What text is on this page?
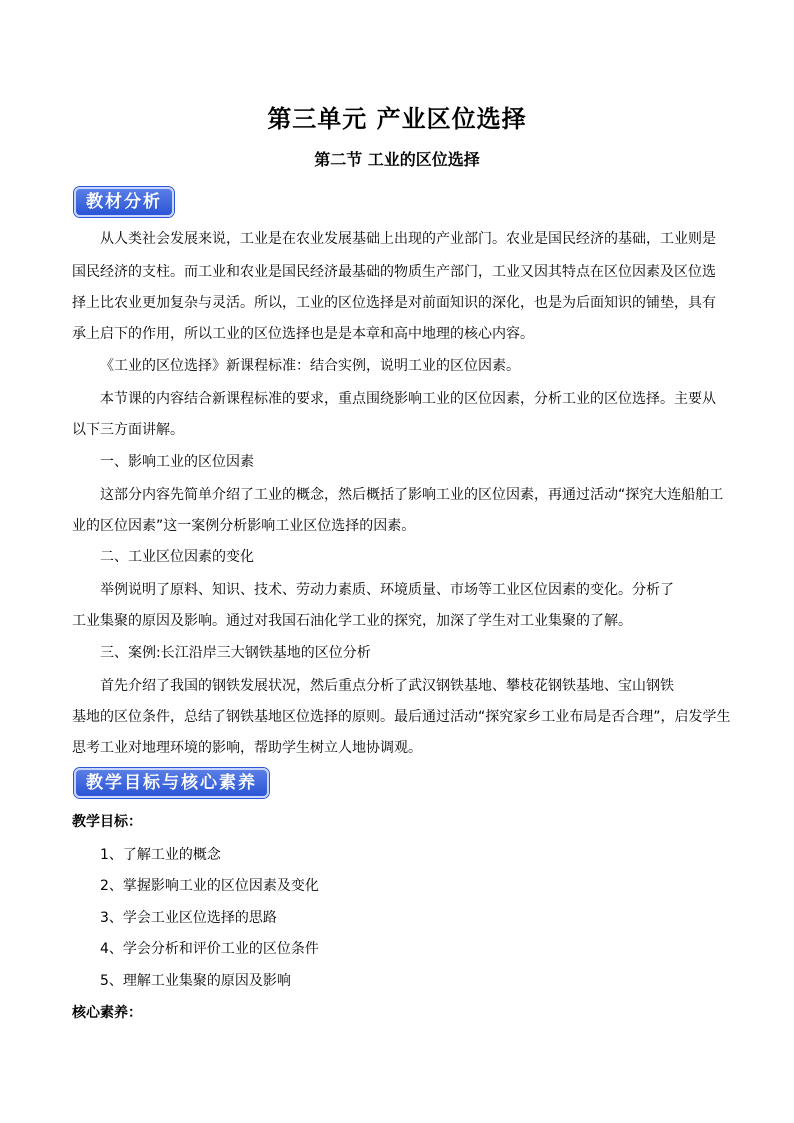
第三单元 产业区位选择
第二节 工业的区位选择
教材分析
从人类社会发展来说，工业是在农业发展基础上出现的产业部门。农业是国民经济的基础，工业则是
国民经济的支柱。而工业和农业是国民经济最基础的物质生产部门，工业又因其特点在区位因素及区位选
择上比农业更加复杂与灵活。所以，工业的区位选择是对前面知识的深化，也是为后面知识的铺垫，具有
承上启下的作用，所以工业的区位选择也是是本章和高中地理的核心内容。
《工业的区位选择》新课程标准：结合实例，说明工业的区位因素。
本节课的内容结合新课程标准的要求，重点围绕影响工业的区位因素，分析工业的区位选择。主要从
以下三方面讲解。
一、影响工业的区位因素
这部分内容先简单介绍了工业的概念，然后概括了影响工业的区位因素，再通过活动“探究大连船舶工
业的区位因素”这一案例分析影响工业区位选择的因素。
二、工业区位因素的变化
举例说明了原料、知识、技术、劳动力素质、环境质量、市场等工业区位因素的变化。分析了
工业集聚的原因及影响。通过对我国石油化学工业的探究，加深了学生对工业集聚的了解。
三、案例:长江沿岸三大钢铁基地的区位分析
首先介绍了我国的钢铁发展状况，然后重点分析了武汉钢铁基地、攀枝花钢铁基地、宝山钢铁
基地的区位条件，总结了钢铁基地区位选择的原则。最后通过活动“探究家乡工业布局是否合理”，启发学生
思考工业对地理环境的影响，帮助学生树立人地协调观。
教学目标与核心素养
教学目标：
1、了解工业的概念
2、掌握影响工业的区位因素及变化
3、学会工业区位选择的思路
4、学会分析和评价工业的区位条件
5、理解工业集聚的原因及影响
核心素养：
